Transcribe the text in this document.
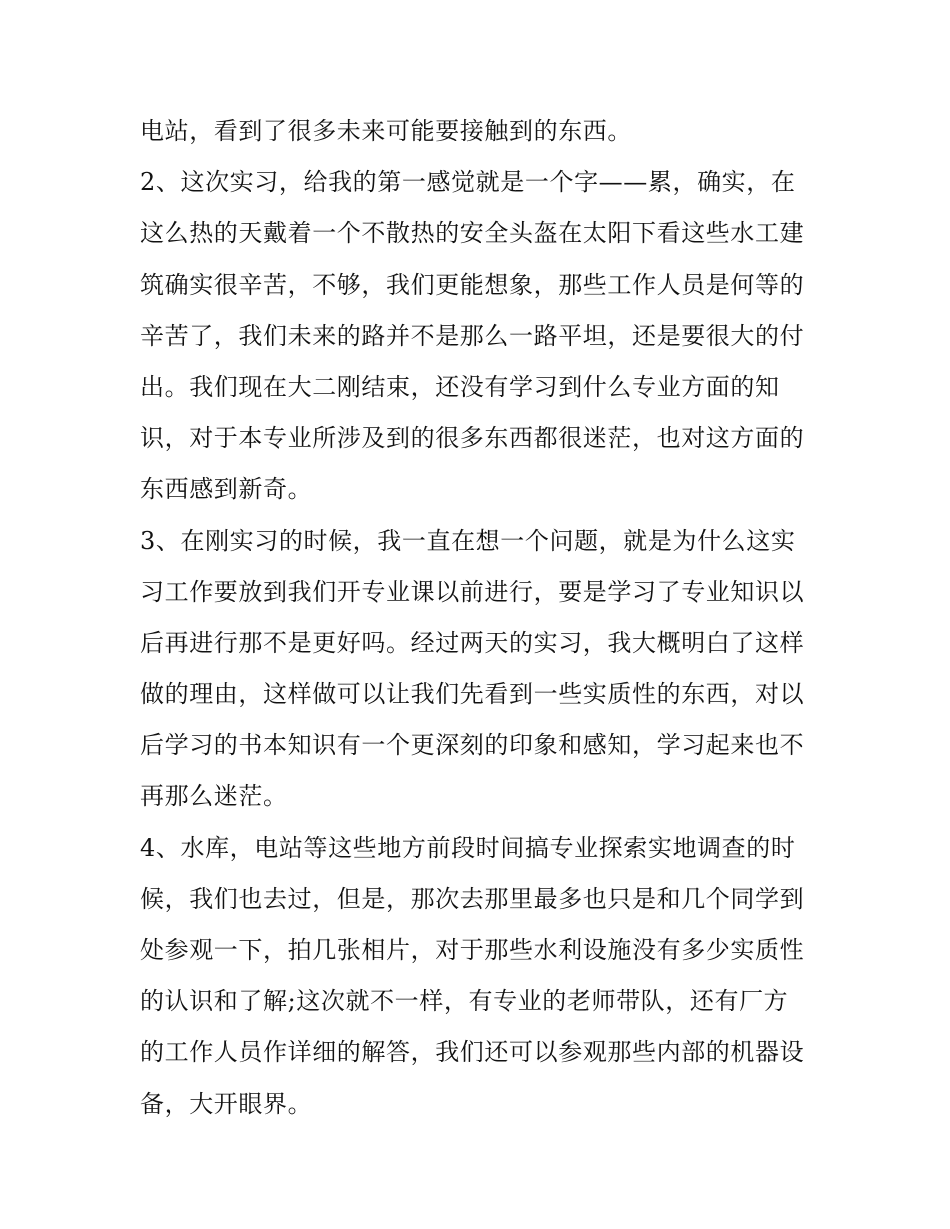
电站，看到了很多未来可能要接触到的东西。
2、这次实习，给我的第一感觉就是一个字——累，确实，在
这么热的天戴着一个不散热的安全头盔在太阳下看这些水工建
筑确实很辛苦，不够，我们更能想象，那些工作人员是何等的
辛苦了，我们未来的路并不是那么一路平坦，还是要很大的付
出。我们现在大二刚结束，还没有学习到什么专业方面的知
识，对于本专业所涉及到的很多东西都很迷茫，也对这方面的
东西感到新奇。
3、在刚实习的时候，我一直在想一个问题，就是为什么这实
习工作要放到我们开专业课以前进行，要是学习了专业知识以
后再进行那不是更好吗。经过两天的实习，我大概明白了这样
做的理由，这样做可以让我们先看到一些实质性的东西，对以
后学习的书本知识有一个更深刻的印象和感知，学习起来也不
再那么迷茫。
4、水库，电站等这些地方前段时间搞专业探索实地调查的时
候，我们也去过，但是，那次去那里最多也只是和几个同学到
处参观一下，拍几张相片，对于那些水利设施没有多少实质性
的认识和了解;这次就不一样，有专业的老师带队，还有厂方
的工作人员作详细的解答，我们还可以参观那些内部的机器设
备，大开眼界。
